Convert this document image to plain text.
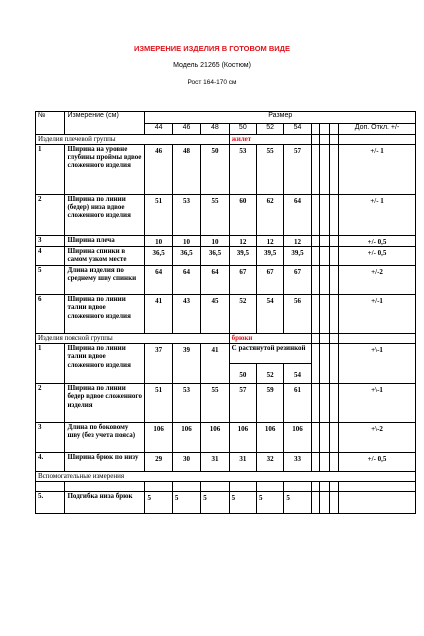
ИЗМЕРЕНИЕ ИЗДЕЛИЯ В ГОТОВОМ ВИДЕ
Модель 21265 (Костюм)
Рост 164-170 см
№	Измерение (см)	Размер									
		44	46	48	50	52	54				Доп. Откл. +/-
Изделия плечевой группы					жилет						
1	Ширина на уровне глубины проймы вдвое сложенного изделия	46	48	50	53	55	57				+/- 1
2	Ширина по линии (бедер) низа вдвое сложенного изделия	51	53	55	60	62	64				+/- 1
3	Ширина плеча	10	10	10	12	12	12				+/- 0,5
4	Ширина спинки в самом узком месте	36,5	36,5	36,5	39,5	39,5	39,5				+/- 0,5
5	Длина изделия по среднему шву спинки	64	64	64	67	67	67				+/-2
6	Ширина по линии талии вдвое сложенного изделия	41	43	45	52	54	56				+/-1
Изделия поясной группы					брюки						
1	Ширина по линии талии вдвое сложенного изделия	37	39	41	С растянутой резинкой						+\-1
					50	52	54				
2	Ширина по линии бедер вдвое сложенного изделия	51	53	55	57	59	61				+\-1
3	Длина по боковому шву (без учета пояса)	106	106	106	106	106	106				+\-2
4.	Ширина брюк по низу	29	30	31	31	32	33				+/- 0,5
Вспомогательные измерения											

5.	Подгибка низа брюк	5	5	5	5	5	5				
